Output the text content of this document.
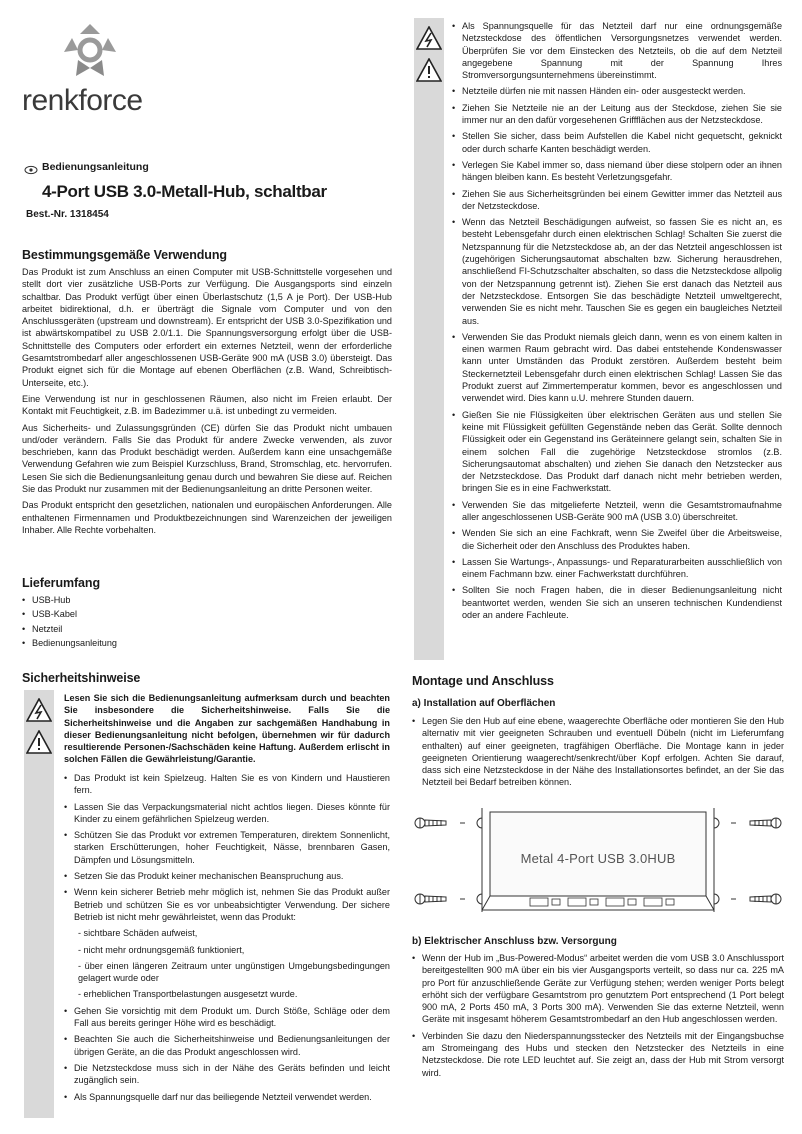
renkforce
Bedienungsanleitung
4-Port USB 3.0-Metall-Hub, schaltbar
Best.-Nr. 1318454
Bestimmungsgemäße Verwendung

Das Produkt ist zum Anschluss an einen Computer mit USB-Schnittstelle vorgesehen und stellt dort vier zusätzliche USB-Ports zur Verfügung. Die Ausgangsports sind einzeln schaltbar. Das Produkt verfügt über einen Überlastschutz (1,5 A je Port). Der USB-Hub arbeitet bidirektional, d.h. er überträgt die Signale vom Computer und von den Anschlussgeräten (upstream und downstream). Er entspricht der USB 3.0-Spezifikation und ist abwärtskompatibel zu USB 2.0/1.1. Die Spannungsversorgung erfolgt über die USB-Schnittstelle des Computers oder erfordert ein externes Netzteil, wenn der erforderliche Gesamtstrombedarf aller angeschlossenen USB-Geräte 900 mA (USB 3.0) übersteigt. Das Produkt eignet sich für die Montage auf ebenen Oberflächen (z.B. Wand, Schreibtisch-Unterseite, etc.).

Eine Verwendung ist nur in geschlossenen Räumen, also nicht im Freien erlaubt. Der Kontakt mit Feuchtigkeit, z.B. im Badezimmer u.ä. ist unbedingt zu vermeiden.

Aus Sicherheits- und Zulassungsgründen (CE) dürfen Sie das Produkt nicht umbauen und/oder verändern. Falls Sie das Produkt für andere Zwecke verwenden, als zuvor beschrieben, kann das Produkt beschädigt werden. Außerdem kann eine unsachgemäße Verwendung Gefahren wie zum Beispiel Kurzschluss, Brand, Stromschlag, etc. hervorrufen. Lesen Sie sich die Bedienungsanleitung genau durch und bewahren Sie diese auf. Reichen Sie das Produkt nur zusammen mit der Bedienungsanleitung an dritte Personen weiter.

Das Produkt entspricht den gesetzlichen, nationalen und europäischen Anforderungen. Alle enthaltenen Firmennamen und Produktbezeichnungen sind Warenzeichen der jeweiligen Inhaber. Alle Rechte vorbehalten.

Lieferumfang
• USB-Hub
• USB-Kabel
• Netzteil
• Bedienungsanleitung
Sicherheitshinweise
Lesen Sie sich die Bedienungsanleitung aufmerksam durch und beachten Sie insbesondere die Sicherheitshinweise. Falls Sie die Sicherheitshinweise und die Angaben zur sachgemäßen Handhabung in dieser Bedienungsanleitung nicht befolgen, übernehmen wir für dadurch resultierende Personen-/Sachschäden keine Haftung. Außerdem erlischt in solchen Fällen die Gewährleistung/Garantie.
• Das Produkt ist kein Spielzeug. Halten Sie es von Kindern und Haustieren fern.
• Lassen Sie das Verpackungsmaterial nicht achtlos liegen. Dieses könnte für Kinder zu einem gefährlichen Spielzeug werden.
• Schützen Sie das Produkt vor extremen Temperaturen, direktem Sonnenlicht, starken Erschütterungen, hoher Feuchtigkeit, Nässe, brennbaren Gasen, Dämpfen und Lösungsmitteln.
• Setzen Sie das Produkt keiner mechanischen Beanspruchung aus.
• Wenn kein sicherer Betrieb mehr möglich ist, nehmen Sie das Produkt außer Betrieb und schützen Sie es vor unbeabsichtigter Verwendung. Der sichere Betrieb ist nicht mehr gewährleistet, wenn das Produkt:
- sichtbare Schäden aufweist,
- nicht mehr ordnungsgemäß funktioniert,
- über einen längeren Zeitraum unter ungünstigen Umgebungsbedingungen gelagert wurde oder
- erheblichen Transportbelastungen ausgesetzt wurde.
• Gehen Sie vorsichtig mit dem Produkt um. Durch Stöße, Schläge oder dem Fall aus bereits geringer Höhe wird es beschädigt.
• Beachten Sie auch die Sicherheitshinweise und Bedienungsanleitungen der übrigen Geräte, an die das Produkt angeschlossen wird.
• Die Netzsteckdose muss sich in der Nähe des Geräts befinden und leicht zugänglich sein.
• Als Spannungsquelle darf nur das beiliegende Netzteil verwendet werden.
• Als Spannungsquelle für das Netzteil darf nur eine ordnungsgemäße Netzsteckdose des öffentlichen Versorgungsnetzes verwendet werden. Überprüfen Sie vor dem Einstecken des Netzteils, ob die auf dem Netzteil angegebene Spannung mit der Spannung Ihres Stromversorgungsunternehmens übereinstimmt.
• Netzteile dürfen nie mit nassen Händen ein- oder ausgesteckt werden.
• Ziehen Sie Netzteile nie an der Leitung aus der Steckdose, ziehen Sie sie immer nur an den dafür vorgesehenen Griffflächen aus der Netzsteckdose.
• Stellen Sie sicher, dass beim Aufstellen die Kabel nicht gequetscht, geknickt oder durch scharfe Kanten beschädigt werden.
• Verlegen Sie Kabel immer so, dass niemand über diese stolpern oder an ihnen hängen bleiben kann. Es besteht Verletzungsgefahr.
• Ziehen Sie aus Sicherheitsgründen bei einem Gewitter immer das Netzteil aus der Netzsteckdose.
• Wenn das Netzteil Beschädigungen aufweist, so fassen Sie es nicht an, es besteht Lebensgefahr durch einen elektrischen Schlag! Schalten Sie zuerst die Netzspannung für die Netzsteckdose ab, an der das Netzteil angeschlossen ist (zugehörigen Sicherungsautomat abschalten bzw. Sicherung herausdrehen, anschließend FI-Schutzschalter abschalten, so dass die Netzsteckdose allpolig von der Netzspannung getrennt ist). Ziehen Sie erst danach das Netzteil aus der Netzsteckdose. Entsorgen Sie das beschädigte Netzteil umweltgerecht, verwenden Sie es nicht mehr. Tauschen Sie es gegen ein baugleiches Netzteil aus.
• Verwenden Sie das Produkt niemals gleich dann, wenn es von einem kalten in einen warmen Raum gebracht wird. Das dabei entstehende Kondenswasser kann unter Umständen das Produkt zerstören. Außerdem besteht beim Steckernetzteil Lebensgefahr durch einen elektrischen Schlag! Lassen Sie das Produkt zuerst auf Zimmertemperatur kommen, bevor es angeschlossen und verwendet wird. Dies kann u.U. mehrere Stunden dauern.
• Gießen Sie nie Flüssigkeiten über elektrischen Geräten aus und stellen Sie keine mit Flüssigkeit gefüllten Gegenstände neben das Gerät. Sollte dennoch Flüssigkeit oder ein Gegenstand ins Geräteinnere gelangt sein, schalten Sie in einem solchen Fall die zugehörige Netzsteckdose stromlos (z.B. Sicherungsautomat abschalten) und ziehen Sie danach den Netzstecker aus der Netzsteckdose. Das Produkt darf danach nicht mehr betrieben werden, bringen Sie es in eine Fachwerkstatt.
• Verwenden Sie das mitgelieferte Netzteil, wenn die Gesamtstromaufnahme aller angeschlossenen USB-Geräte 900 mA (USB 3.0) überschreitet.
• Wenden Sie sich an eine Fachkraft, wenn Sie Zweifel über die Arbeitsweise, die Sicherheit oder den Anschluss des Produktes haben.
• Lassen Sie Wartungs-, Anpassungs- und Reparaturarbeiten ausschließlich von einem Fachmann bzw. einer Fachwerkstatt durchführen.
• Sollten Sie noch Fragen haben, die in dieser Bedienungsanleitung nicht beantwortet werden, wenden Sie sich an unseren technischen Kundendienst oder an andere Fachleute.
Montage und Anschluss
a) Installation auf Oberflächen
• Legen Sie den Hub auf eine ebene, waagerechte Oberfläche oder montieren Sie den Hub alternativ mit vier geeigneten Schrauben und eventuell Dübeln (nicht im Lieferumfang enthalten) auf einer geeigneten, tragfähigen Oberfläche. Die Montage kann in jeder geeigneten Orientierung waagerecht/senkrecht/über Kopf erfolgen. Achten Sie darauf, dass sich eine Netzsteckdose in der Nähe des Installationsortes befindet, an der Sie das Netzteil bei Bedarf betreiben können.
Metal 4-Port USB 3.0HUB
b) Elektrischer Anschluss bzw. Versorgung
• Wenn der Hub im „Bus-Powered-Modus“ arbeitet werden die vom USB 3.0 Anschlussport bereitgestellten 900 mA über ein bis vier Ausgangsports verteilt, so dass nur ca. 225 mA pro Port für anzuschließende Geräte zur Verfügung stehen; werden weniger Ports belegt erhöht sich der verfügbare Gesamtstrom pro genutztem Port entsprechend (1 Port belegt 900 mA, 2 Ports 450 mA, 3 Ports 300 mA). Verwenden Sie das externe Netzteil, wenn Geräte mit insgesamt höherem Gesamtstrombedarf an den Hub angeschlossen werden.
• Verbinden Sie dazu den Niederspannungsstecker des Netzteils mit der Eingangsbuchse am Stromeingang des Hubs und stecken den Netzstecker des Netzteils in eine Netzsteckdose. Die rote LED leuchtet auf. Sie zeigt an, dass der Hub mit Strom versorgt wird.
